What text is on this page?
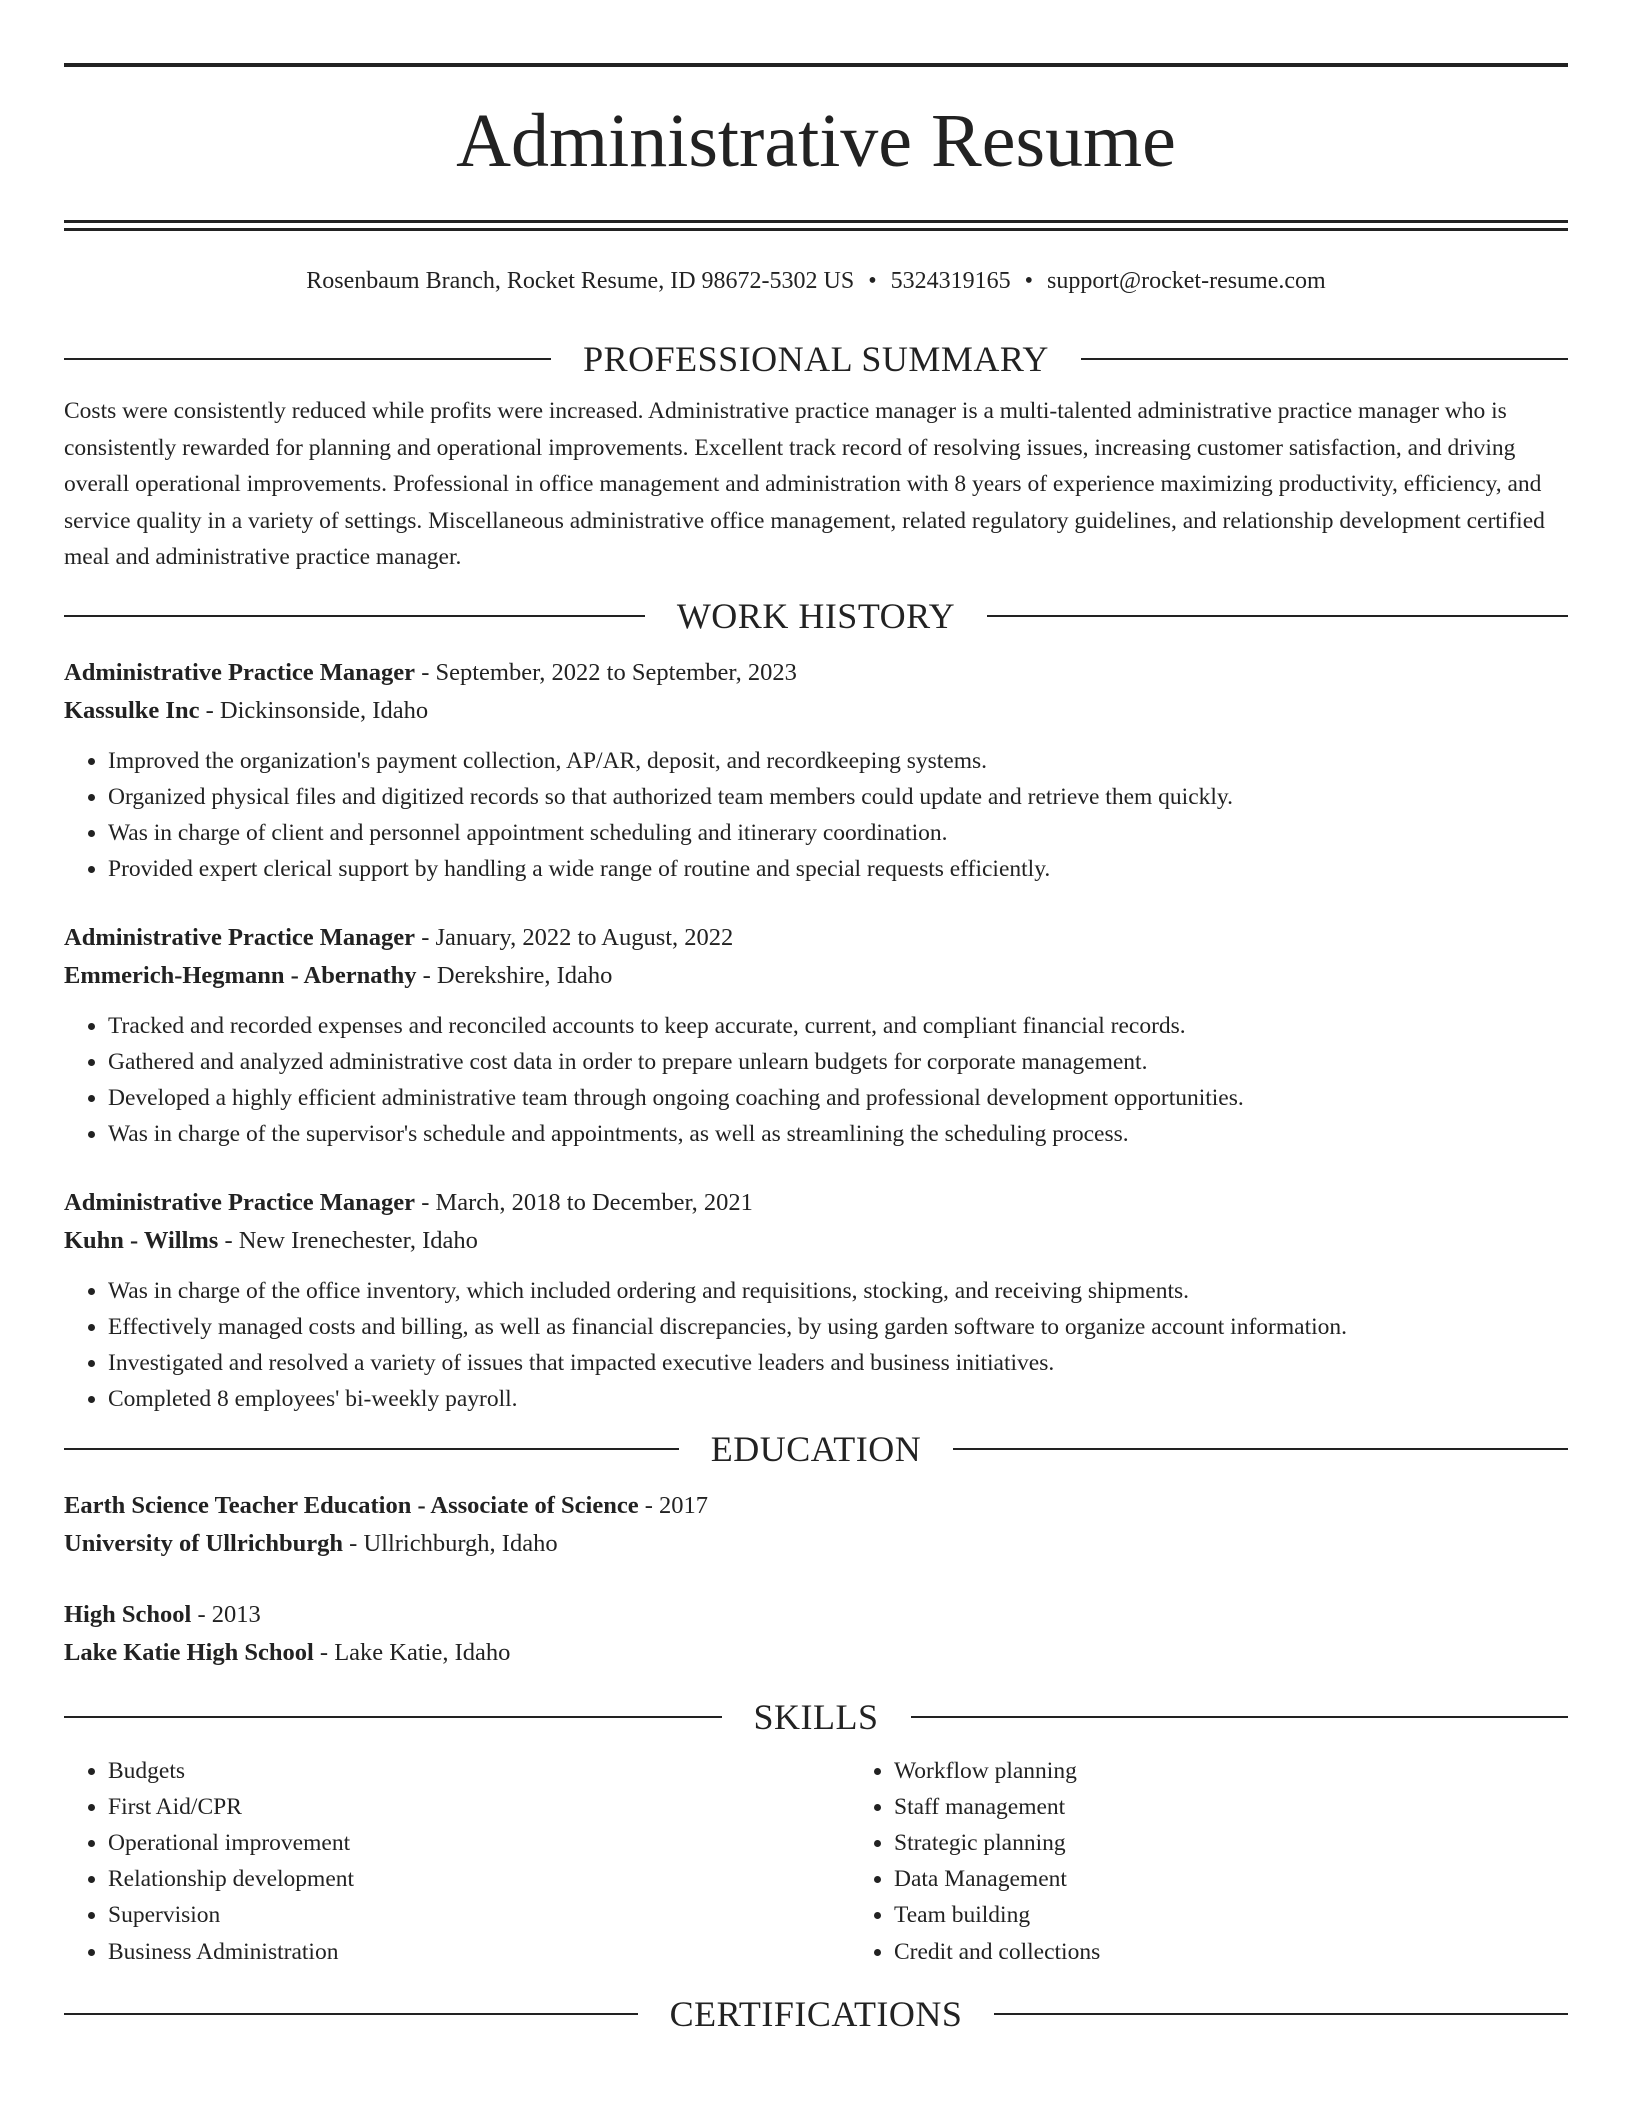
Administrative Resume
Rosenbaum Branch, Rocket Resume, ID 98672-5302 US • 5324319165 • support@rocket-resume.com
PROFESSIONAL SUMMARY
Costs were consistently reduced while profits were increased. Administrative practice manager is a multi-talented administrative practice manager who is consistently rewarded for planning and operational improvements. Excellent track record of resolving issues, increasing customer satisfaction, and driving overall operational improvements. Professional in office management and administration with 8 years of experience maximizing productivity, efficiency, and service quality in a variety of settings. Miscellaneous administrative office management, related regulatory guidelines, and relationship development certified meal and administrative practice manager.
WORK HISTORY
Administrative Practice Manager - September, 2022 to September, 2023
Kassulke Inc - Dickinsonside, Idaho
• Improved the organization's payment collection, AP/AR, deposit, and recordkeeping systems.
• Organized physical files and digitized records so that authorized team members could update and retrieve them quickly.
• Was in charge of client and personnel appointment scheduling and itinerary coordination.
• Provided expert clerical support by handling a wide range of routine and special requests efficiently.
Administrative Practice Manager - January, 2022 to August, 2022
Emmerich-Hegmann - Abernathy - Derekshire, Idaho
• Tracked and recorded expenses and reconciled accounts to keep accurate, current, and compliant financial records.
• Gathered and analyzed administrative cost data in order to prepare unlearn budgets for corporate management.
• Developed a highly efficient administrative team through ongoing coaching and professional development opportunities.
• Was in charge of the supervisor's schedule and appointments, as well as streamlining the scheduling process.
Administrative Practice Manager - March, 2018 to December, 2021
Kuhn - Willms - New Irenechester, Idaho
• Was in charge of the office inventory, which included ordering and requisitions, stocking, and receiving shipments.
• Effectively managed costs and billing, as well as financial discrepancies, by using garden software to organize account information.
• Investigated and resolved a variety of issues that impacted executive leaders and business initiatives.
• Completed 8 employees' bi-weekly payroll.
EDUCATION
Earth Science Teacher Education - Associate of Science - 2017
University of Ullrichburgh - Ullrichburgh, Idaho
High School - 2013
Lake Katie High School - Lake Katie, Idaho
SKILLS
• Budgets
• First Aid/CPR
• Operational improvement
• Relationship development
• Supervision
• Business Administration
• Workflow planning
• Staff management
• Strategic planning
• Data Management
• Team building
• Credit and collections
CERTIFICATIONS
